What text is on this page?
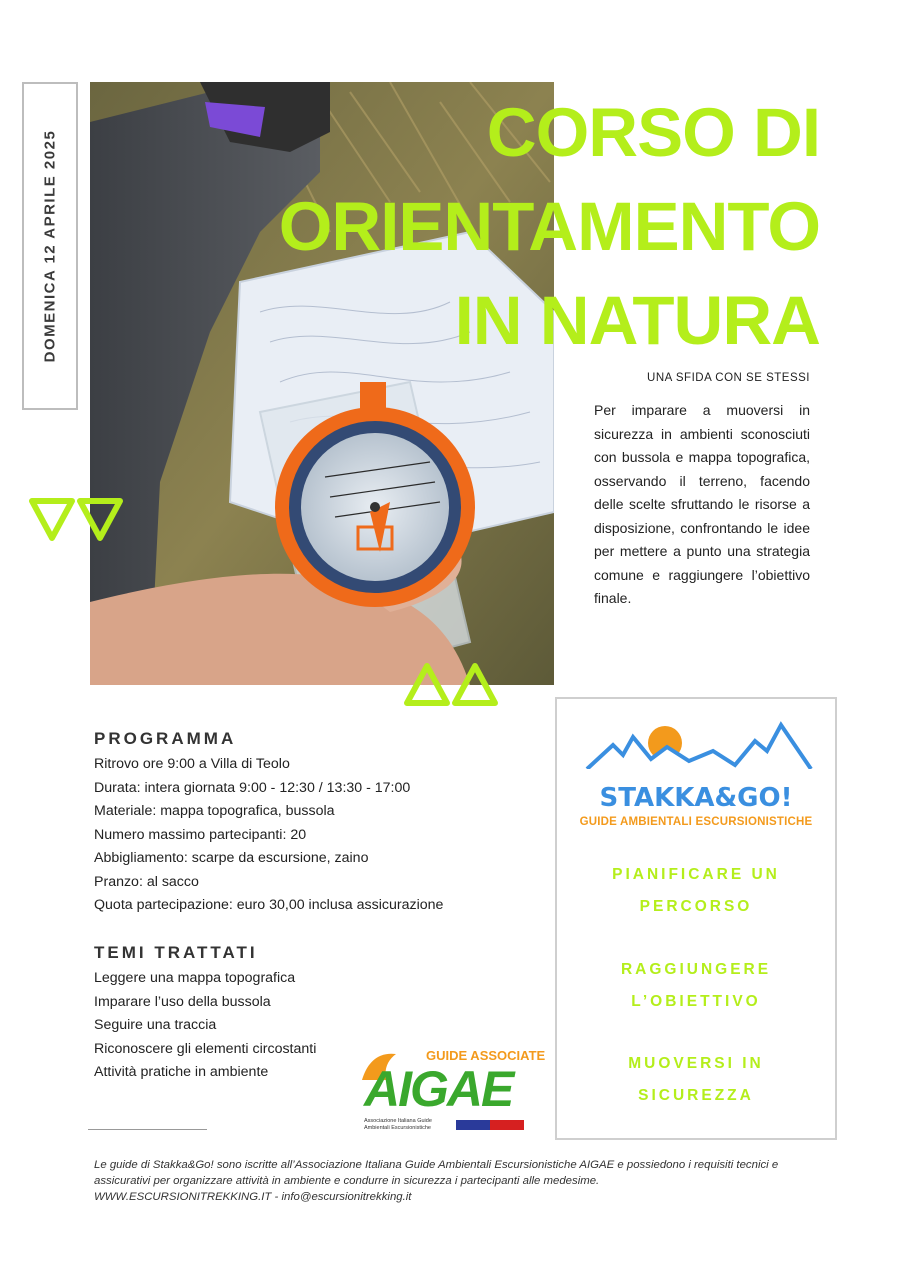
DOMENICA 12 APRILE 2025	CORSO DI
ORIENTAMENTO
IN NATURA
UNA SFIDA CON SE STESSI
Per imparare a muoversi in sicurezza in ambienti sconosciuti con bussola e mappa topografica, osservando il terreno, facendo delle scelte sfruttando le risorse a disposizione, confrontando le idee per mettere a punto una strategia comune e raggiungere l’obiettivo finale.
PROGRAMMA
Ritrovo ore 9:00 a Villa di Teolo
Durata: intera giornata 9:00 - 12:30 / 13:30 - 17:00
Materiale: mappa topografica, bussola
Numero massimo partecipanti: 20
Abbigliamento: scarpe da escursione, zaino
Pranzo: al sacco
Quota partecipazione: euro 30,00 inclusa assicurazione
TEMI TRATTATI
Leggere una mappa topografica
Imparare l’uso della bussola
Seguire una traccia
Riconoscere gli elementi circostanti
Attività pratiche in ambiente
STAKKA&GO!
GUIDE AMBIENTALI ESCURSIONISTICHE
PIANIFICARE UN
PERCORSO
RAGGIUNGERE
L’OBIETTIVO
MUOVERSI IN
SICUREZZA
GUIDE ASSOCIATE
AIGAE
Associazione Italiana Guide
Ambientali Escursionistiche
Le guide di Stakka&Go! sono iscritte all’Associazione Italiana Guide Ambientali Escursionistiche AIGAE e possiedono i requisiti tecnici e assicurativi per organizzare attività in ambiente e condurre in sicurezza i partecipanti alle medesime.
WWW.ESCURSIONITREKKING.IT - info@escursionitrekking.it
